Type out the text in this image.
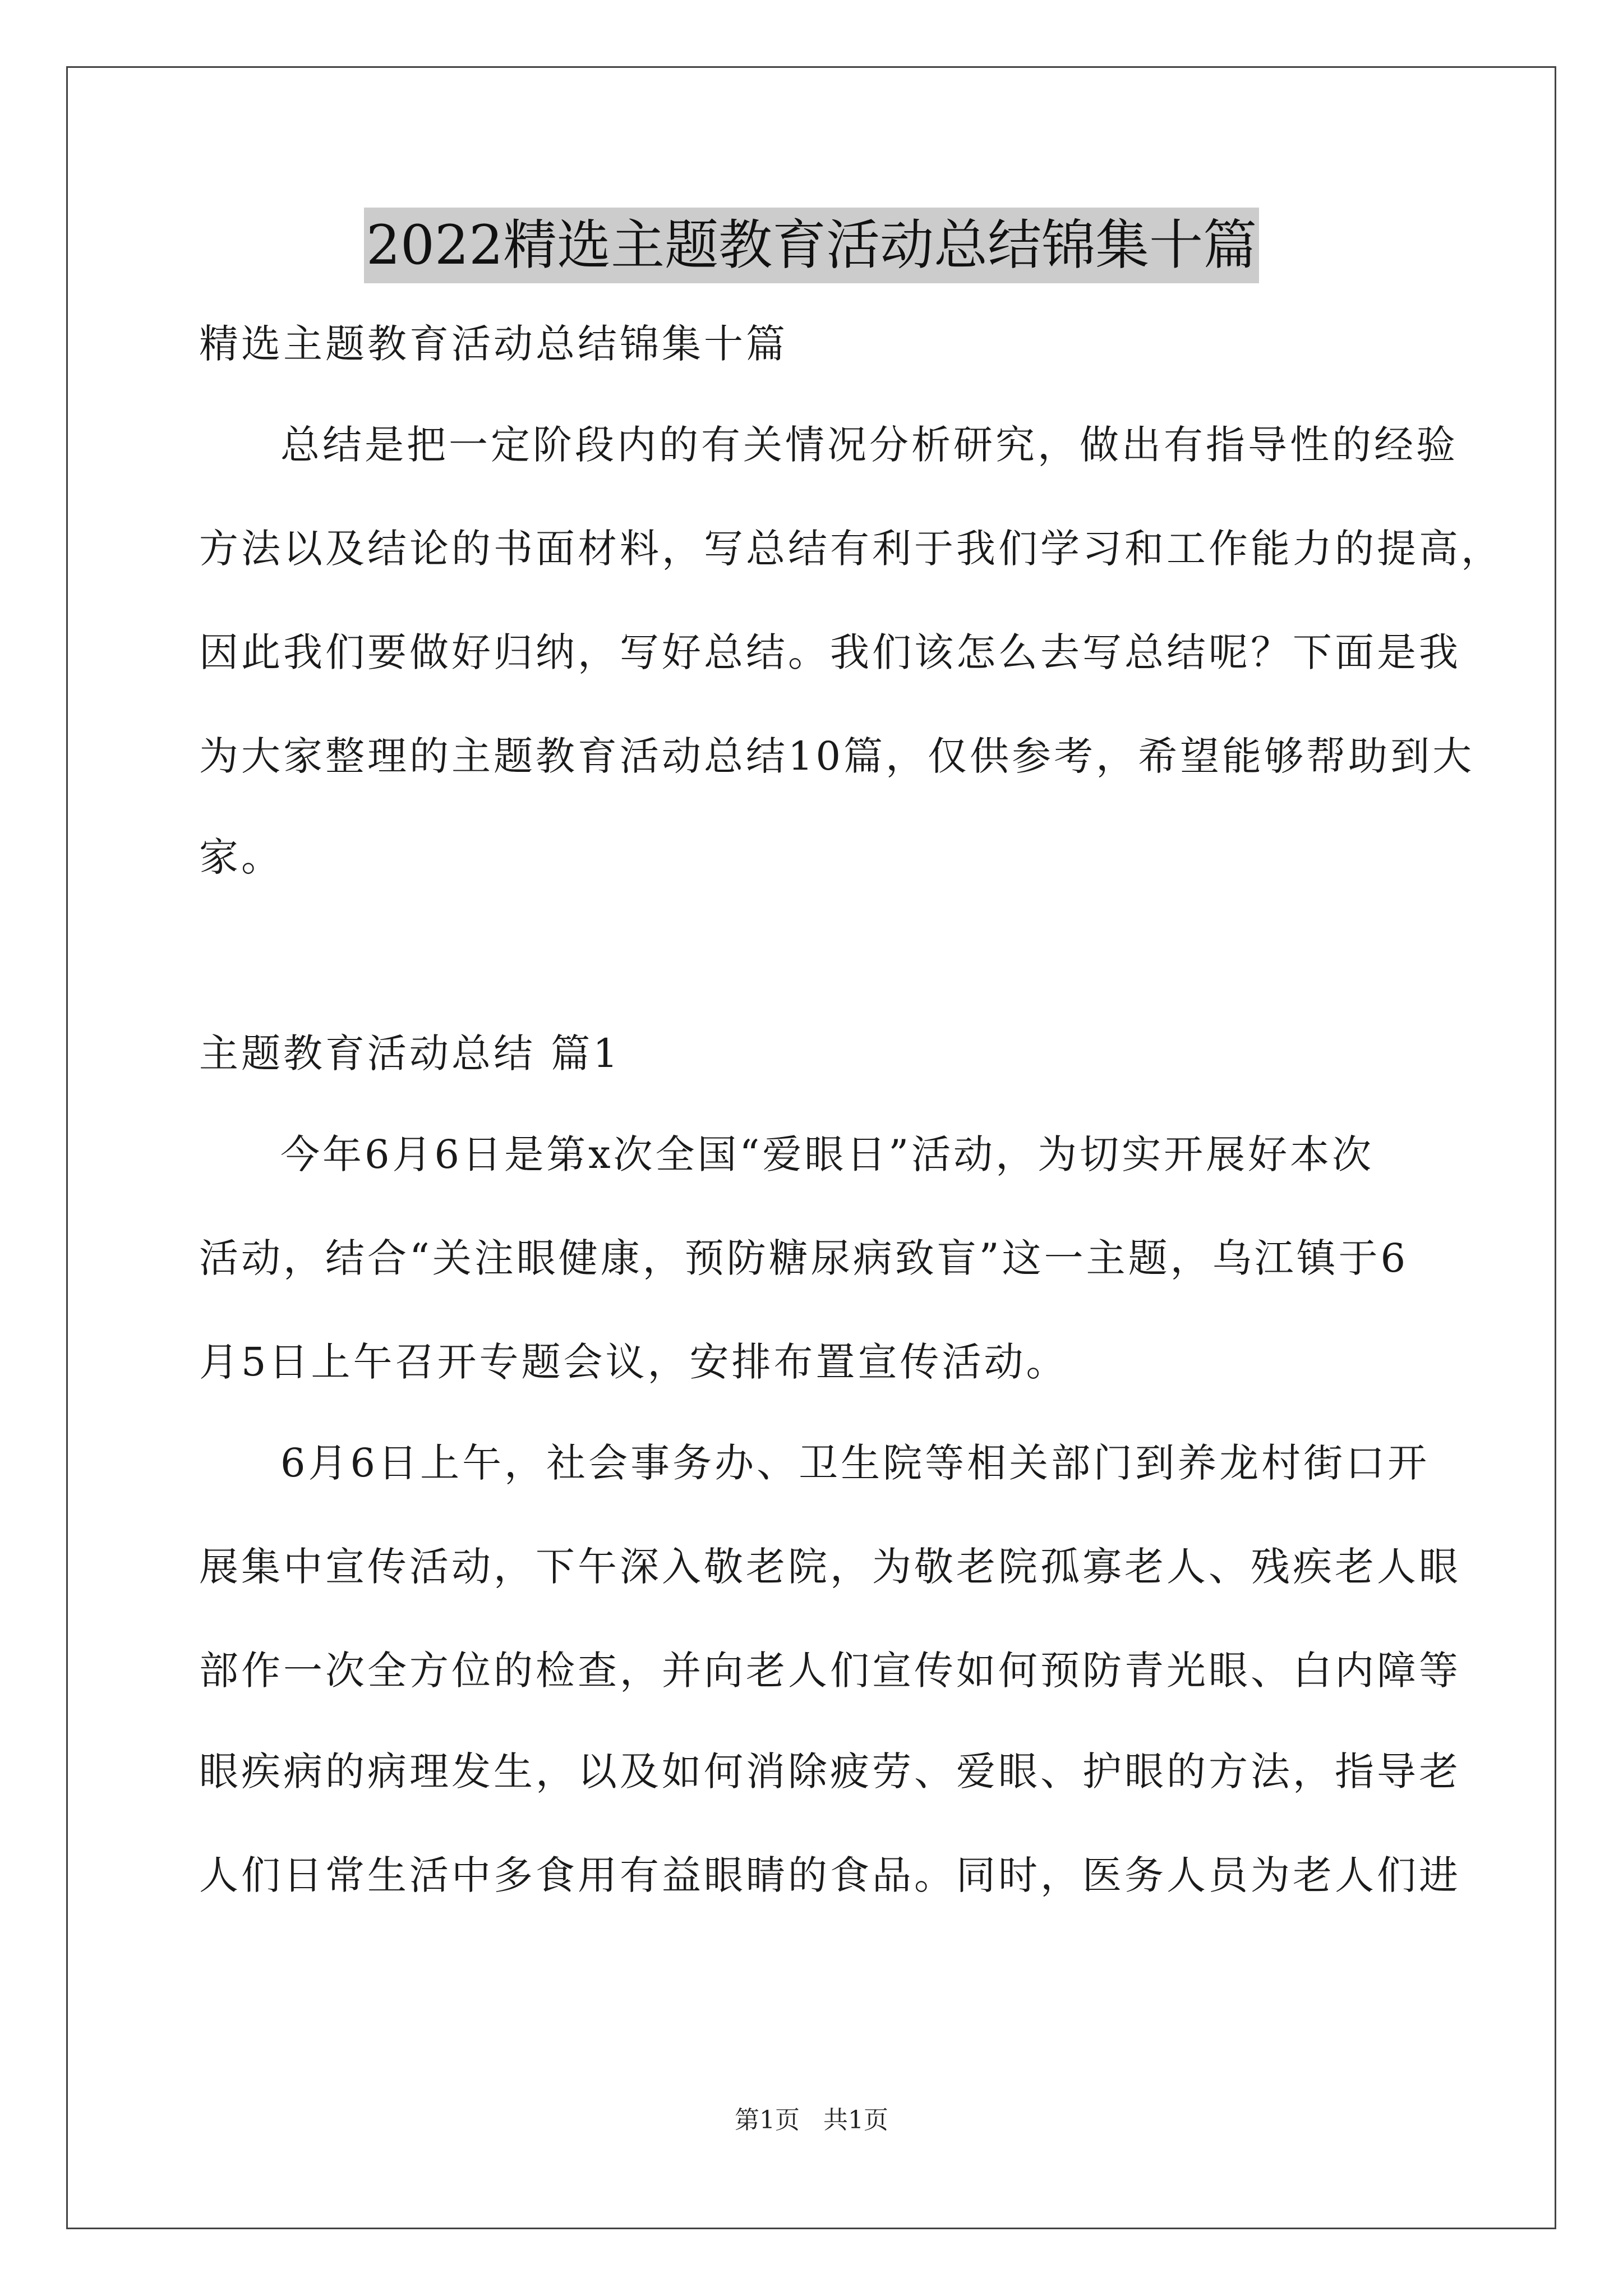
2022精选主题教育活动总结锦集十篇

精选主题教育活动总结锦集十篇

总结是把一定阶段内的有关情况分析研究，做出有指导性的经验

方法以及结论的书面材料，写总结有利于我们学习和工作能力的提高，

因此我们要做好归纳，写好总结。我们该怎么去写总结呢？下面是我

为大家整理的主题教育活动总结10篇，仅供参考，希望能够帮助到大

家。

主题教育活动总结 篇1

今年6月6日是第x次全国“爱眼日”活动，为切实开展好本次

活动，结合“关注眼健康，预防糖尿病致盲”这一主题，乌江镇于6

月5日上午召开专题会议，安排布置宣传活动。

6月6日上午，社会事务办、卫生院等相关部门到养龙村街口开

展集中宣传活动，下午深入敬老院，为敬老院孤寡老人、残疾老人眼

部作一次全方位的检查，并向老人们宣传如何预防青光眼、白内障等

眼疾病的病理发生，以及如何消除疲劳、爱眼、护眼的方法，指导老

人们日常生活中多食用有益眼睛的食品。同时，医务人员为老人们进

第1页 共1页
